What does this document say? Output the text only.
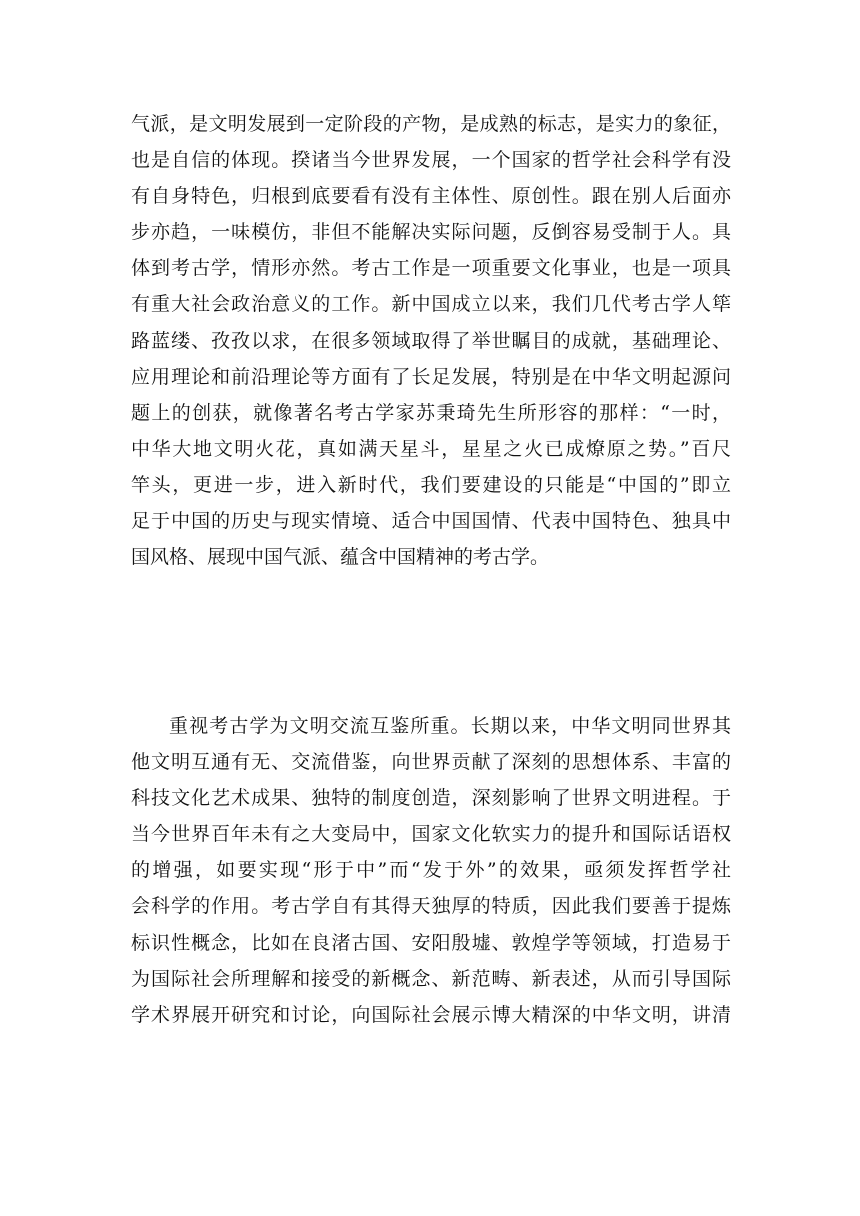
气派，是文明发展到一定阶段的产物，是成熟的标志，是实力的象征，
也是自信的体现。揆诸当今世界发展，一个国家的哲学社会科学有没
有自身特色，归根到底要看有没有主体性、原创性。跟在别人后面亦
步亦趋，一味模仿，非但不能解决实际问题，反倒容易受制于人。具
体到考古学，情形亦然。考古工作是一项重要文化事业，也是一项具
有重大社会政治意义的工作。新中国成立以来，我们几代考古学人筚
路蓝缕、孜孜以求，在很多领域取得了举世瞩目的成就，基础理论、
应用理论和前沿理论等方面有了长足发展，特别是在中华文明起源问
题上的创获，就像著名考古学家苏秉琦先生所形容的那样：“一时，
中华大地文明火花，真如满天星斗，星星之火已成燎原之势。”百尺
竿头，更进一步，进入新时代，我们要建设的只能是“中国的”即立
足于中国的历史与现实情境、适合中国国情、代表中国特色、独具中
国风格、展现中国气派、蕴含中国精神的考古学。
重视考古学为文明交流互鉴所重。长期以来，中华文明同世界其
他文明互通有无、交流借鉴，向世界贡献了深刻的思想体系、丰富的
科技文化艺术成果、独特的制度创造，深刻影响了世界文明进程。于
当今世界百年未有之大变局中，国家文化软实力的提升和国际话语权
的增强，如要实现“形于中”而“发于外”的效果，亟须发挥哲学社
会科学的作用。考古学自有其得天独厚的特质，因此我们要善于提炼
标识性概念，比如在良渚古国、安阳殷墟、敦煌学等领域，打造易于
为国际社会所理解和接受的新概念、新范畴、新表述，从而引导国际
学术界展开研究和讨论，向国际社会展示博大精深的中华文明，讲清
